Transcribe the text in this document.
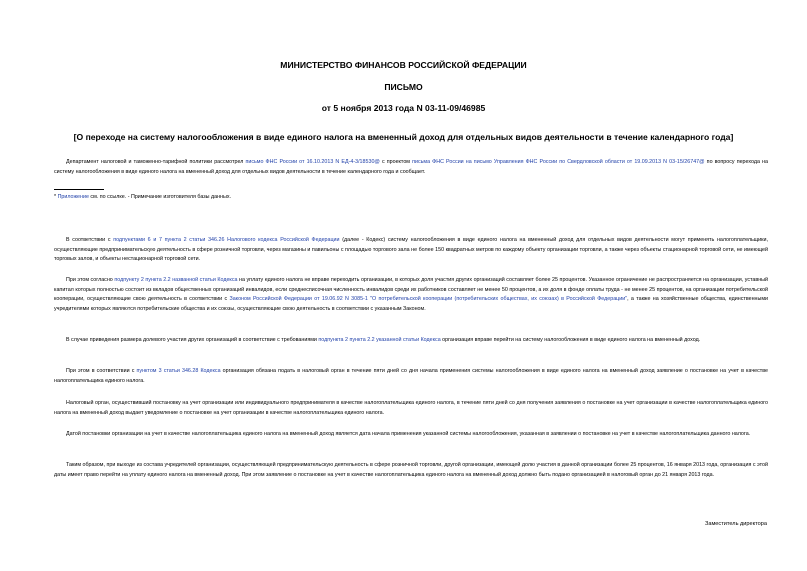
МИНИСТЕРСТВО ФИНАНСОВ РОССИЙСКОЙ ФЕДЕРАЦИИ
ПИСЬМО
от 5 ноября 2013 года N 03-11-09/46985
[О переходе на систему налогообложения в виде единого налога на вмененный доход для отдельных видов деятельности в течение календарного года]

Департамент налоговой и таможенно-тарифной политики рассмотрел письмо ФНС России от 16.10.2013 N ЕД-4-3/18530@ с проектом письма ФНС России на письмо Управления ФНС России по Свердловской области от 19.09.2013 N 03-15/26747@ по вопросу перехода на систему налогообложения в виде единого налога на вмененный доход для отдельных видов деятельности в течение календарного года и сообщает.

* Приложение см. по ссылке. - Примечание изготовителя базы данных.

В соответствии с подпунктами 6 и 7 пункта 2 статьи 346.26 Налогового кодекса Российской Федерации (далее - Кодекс) систему налогообложения в виде единого налога на вмененный доход для отдельных видов деятельности могут применять налогоплательщики, осуществляющие предпринимательскую деятельность в сфере розничной торговли, через магазины и павильоны с площадью торгового зала не более 150 квадратных метров по каждому объекту организации торговли, а также через объекты стационарной торговой сети, не имеющей торговых залов, и объекты нестационарной торговой сети.

При этом согласно подпункту 2 пункта 2.2 названной статьи Кодекса на уплату единого налога не вправе переходить организации, в которых доля участия других организаций составляет более 25 процентов. Указанное ограничение не распространяется на организации, уставный капитал которых полностью состоит из вкладов общественных организаций инвалидов, если среднесписочная численность инвалидов среди их работников составляет не менее 50 процентов, а их доля в фонде оплаты труда - не менее 25 процентов, на организации потребительской кооперации, осуществляющие свою деятельность в соответствии с Законом Российской Федерации от 19.06.92 N 3085-1 "О потребительской кооперации (потребительских обществах, их союзах) в Российской Федерации", а также на хозяйственные общества, единственными учредителями которых являются потребительские общества и их союзы, осуществляющие свою деятельность в соответствии с указанным Законом.

В случае приведения размера долевого участия других организаций в соответствие с требованиями подпункта 2 пункта 2.2 указанной статьи Кодекса организация вправе перейти на систему налогообложения в виде единого налога на вмененный доход.

При этом в соответствии с пунктом 3 статьи 346.28 Кодекса организация обязана подать в налоговый орган в течение пяти дней со дня начала применения системы налогообложения в виде единого налога на вмененный доход заявление о постановке на учет в качестве налогоплательщика единого налога.

Налоговый орган, осуществивший постановку на учет организации или индивидуального предпринимателя в качестве налогоплательщика единого налога, в течение пяти дней со дня получения заявления о постановке на учет организации в качестве налогоплательщика единого налога на вмененный доход выдает уведомление о постановке на учет организации в качестве налогоплательщика единого налога.

Датой постановки организации на учет в качестве налогоплательщика единого налога на вмененный доход является дата начала применения указанной системы налогообложения, указанная в заявлении о постановке на учет в качестве налогоплательщика данного налога.

Таким образом, при выходе из состава учредителей организации, осуществляющей предпринимательскую деятельность в сфере розничной торговли, другой организации, имеющей долю участия в данной организации более 25 процентов, 16 января 2013 года, организация с этой даты имеет право перейти на уплату единого налога на вмененный доход. При этом заявление о постановке на учет в качестве налогоплательщика единого налога на вмененный доход должно быть подано организацией в налоговый орган до 21 января 2013 года.

Заместитель директора
